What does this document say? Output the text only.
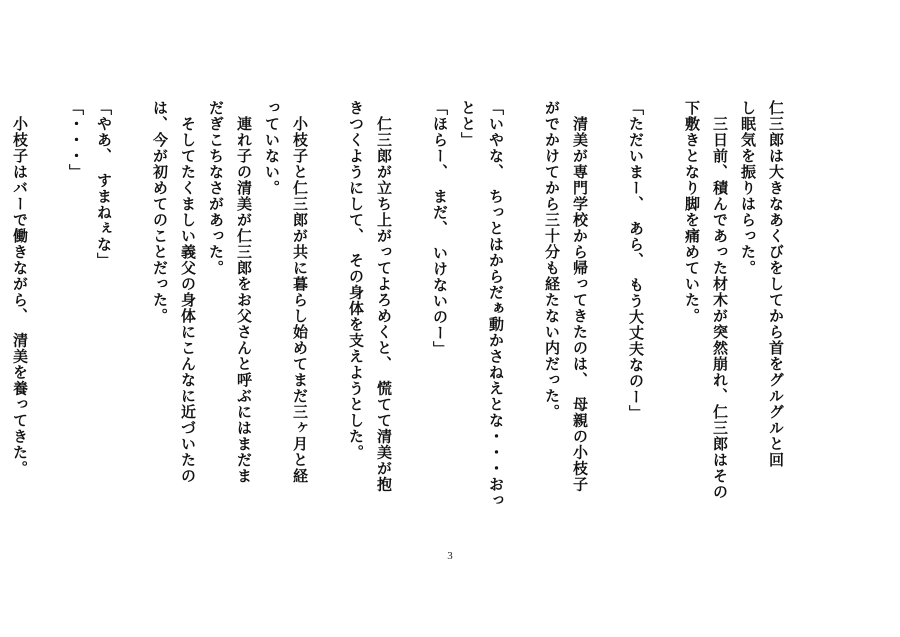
仁三郎は大きなあくびをしてから首をグルグルと回
し眠気を振りはらった。
　三日前、積んであった材木が突然崩れ、仁三郎はその
下敷きとなり脚を痛めていた。
「ただいまー、　あら、　もう大丈夫なのー」
　清美が専門学校から帰ってきたのは、　母親の小枝子
がでかけてから三十分も経たない内だった。
「いやな、　ちっとはからだぁ動かさねえとな・・・おっ
とと」
「ほらー、　まだ、　いけないのー」
　仁三郎が立ち上がってよろめくと、　慌てて清美が抱
きつくようにして、　その身体を支えようとした。
　小枝子と仁三郎が共に暮らし始めてまだ三ヶ月と経
っていない。
　連れ子の清美が仁三郎をお父さんと呼ぶにはまだま
だぎこちなさがあった。
　そしてたくましい義父の身体にこんなに近づいたの
は、今が初めてのことだった。
「やあ、　すまねぇな」
「・・・」
　小枝子はバーで働きながら、　清美を養ってきた。
3
